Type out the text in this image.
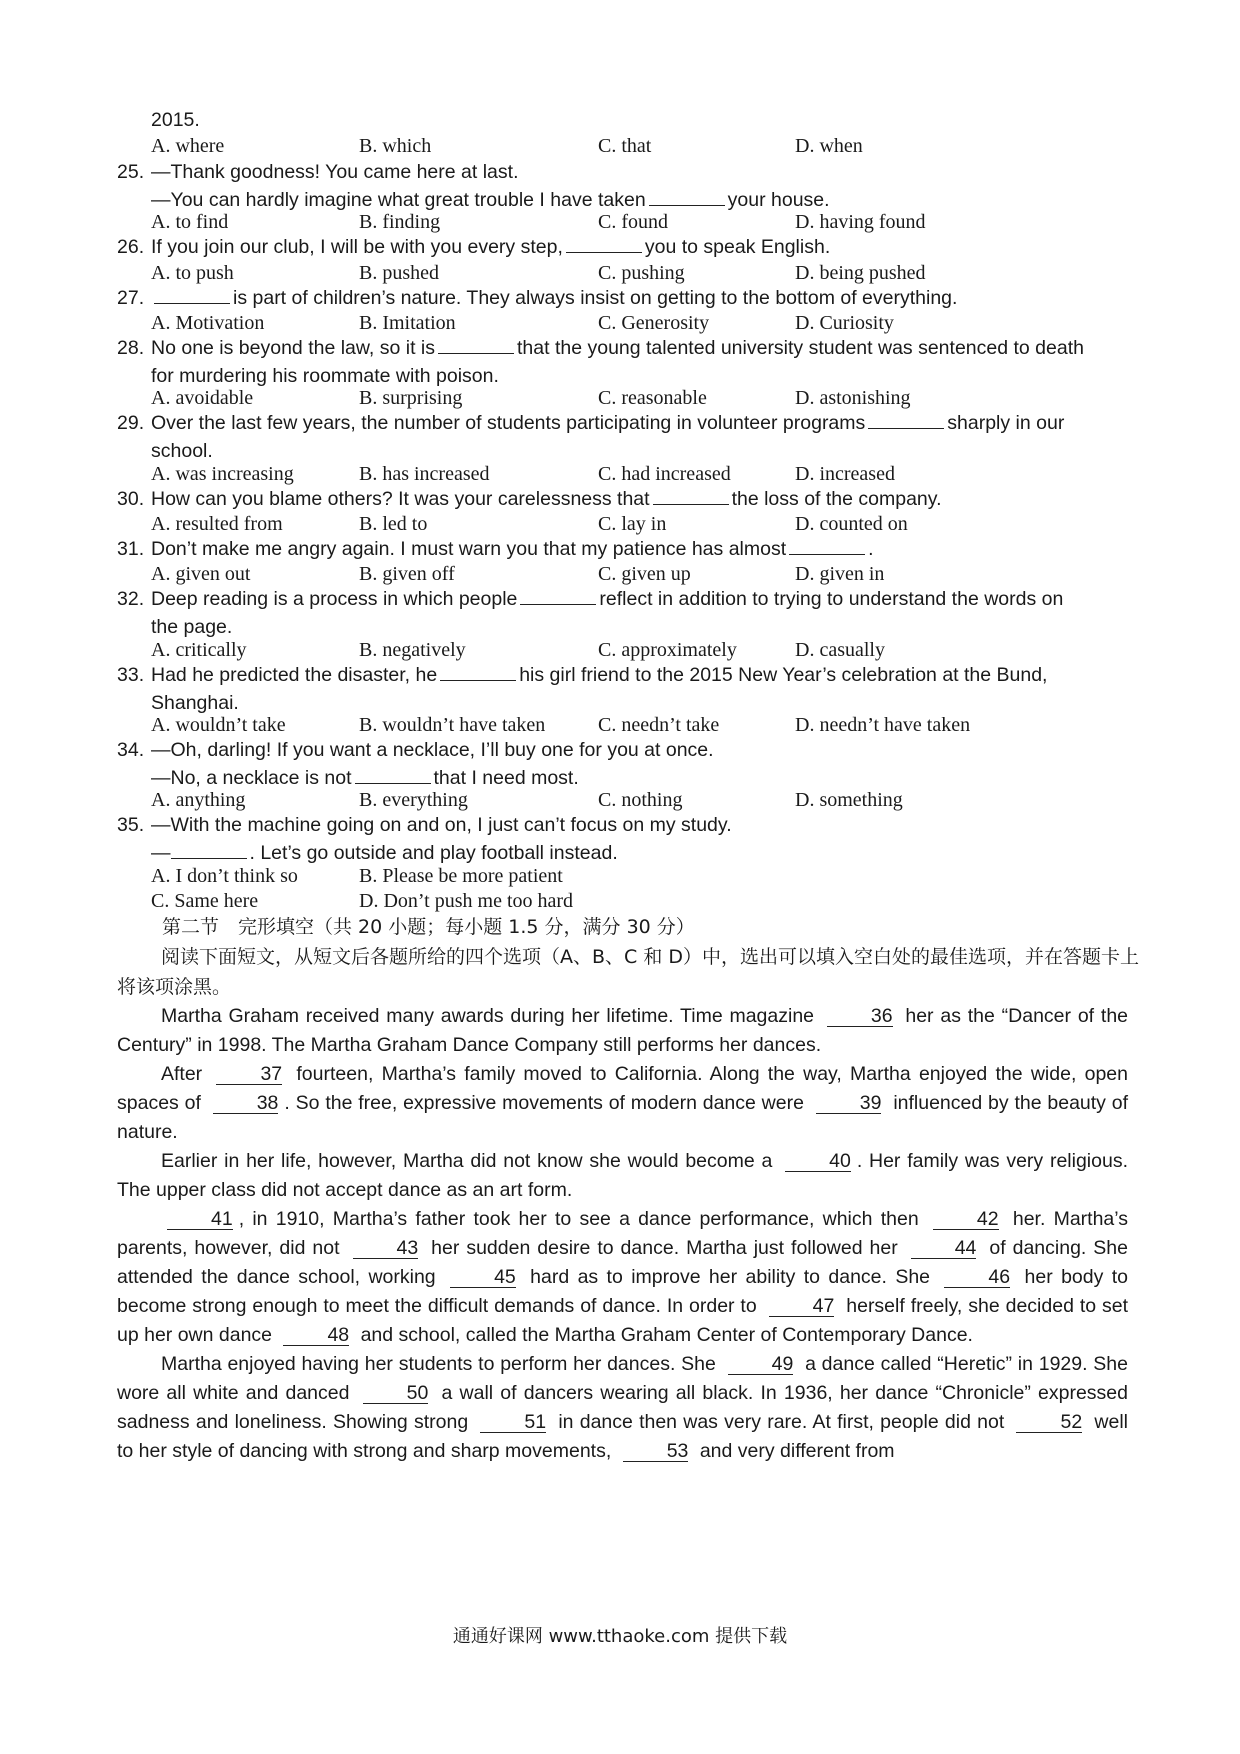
2015.
A. where	B. which	C. that	D. when
25. —Thank goodness! You came here at last.
—You can hardly imagine what great trouble I have taken	your house.
A. to find	B. finding	C. found	D. having found
26. If you join our club, I will be with you every step,	you to speak English.
A. to push	B. pushed	C. pushing	D. being pushed
27.	is part of children’s nature. They always insist on getting to the bottom of everything.
A. Motivation	B. Imitation	C. Generosity	D. Curiosity
28. No one is beyond the law, so it is	that the young talented university student was sentenced to death
for murdering his roommate with poison.
A. avoidable	B. surprising	C. reasonable	D. astonishing
29. Over the last few years, the number of students participating in volunteer programs	sharply in our
school.
A. was increasing	B. has increased	C. had increased	D. increased
30. How can you blame others? It was your carelessness that	the loss of the company.
A. resulted from	B. led to	C. lay in	D. counted on
31. Don’t make me angry again. I must warn you that my patience has almost	.
A. given out	B. given off	C. given up	D. given in
32. Deep reading is a process in which people	reflect in addition to trying to understand the words on
the page.
A. critically	B. negatively	C. approximately	D. casually
33. Had he predicted the disaster, he	his girl friend to the 2015 New Year’s celebration at the Bund,
Shanghai.
A. wouldn’t take	B. wouldn’t have taken	C. needn’t take	D. needn’t have taken
34. —Oh, darling! If you want a necklace, I’ll buy one for you at once.
—No, a necklace is not	that I need most.
A. anything	B. everything	C. nothing	D. something
35. —With the machine going on and on, I just can’t focus on my study.
—	. Let’s go outside and play football instead.
A. I don’t think so	B. Please be more patient
C. Same here	D. Don’t push me too hard
第二节　完形填空（共 20 小题；每小题 1.5 分，满分 30 分）
阅读下面短文，从短文后各题所给的四个选项（A、B、C 和 D）中，选出可以填入空白处的最佳选项，并在答题卡上将该项涂黑。

Martha Graham received many awards during her lifetime. Time magazine	36 her as the “Dancer of the Century” in 1998. The Martha Graham Dance Company still performs her dances.

After	37 fourteen, Martha’s family moved to California. Along the way, Martha enjoyed the wide, open spaces of	38 . So the free, expressive movements of modern dance were	39 influenced by the beauty of nature.

Earlier in her life, however, Martha did not know she would become a	40 . Her family was very religious. The upper class did not accept dance as an art form.

41 , in 1910, Martha’s father took her to see a dance performance, which then	42 her. Martha’s parents, however, did not	43 her sudden desire to dance. Martha just followed her	44 of dancing. She attended the dance school, working	45 hard as to improve her ability to dance. She	46 her body to become strong enough to meet the difficult demands of dance. In order to	47 herself freely, she decided to set up her own dance	48 and school, called the Martha Graham Center of Contemporary Dance.

Martha enjoyed having her students to perform her dances. She	49 a dance called “Heretic” in 1929. She wore all white and danced	50 a wall of dancers wearing all black. In 1936, her dance “Chronicle” expressed sadness and loneliness. Showing strong	51 in dance then was very rare. At first, people did not	52 well to her style of dancing with strong and sharp movements,	53 and very different from

通通好课网 www.tthaoke.com 提供下载
